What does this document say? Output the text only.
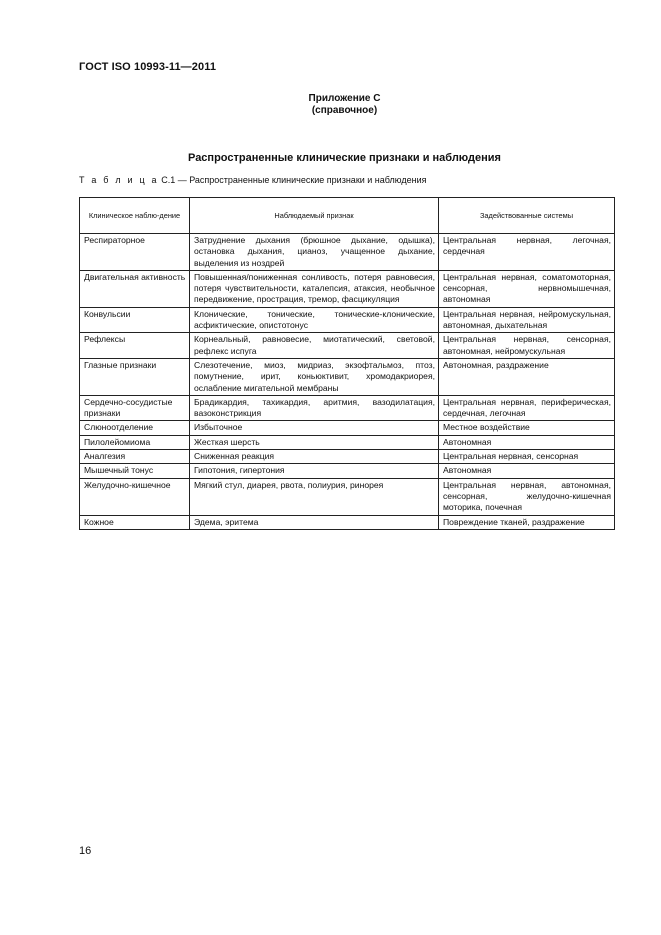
ГОСТ ISO 10993-11—2011
Приложение С
(справочное)
Распространенные клинические признаки и наблюдения
Т а б л и ц а С.1 — Распространенные клинические признаки и наблюдения
Клиническое наблю-дение	Наблюдаемый признак	Задействованные системы
Респираторное	Затруднение дыхания (брюшное дыхание, одышка), остановка дыхания, цианоз, учащенное дыхание, выделения из ноздрей	Центральная нервная, легочная, сердечная
Двигательная активность	Повышенная/пониженная сонливость, потеря равновесия, потеря чувствительности, каталепсия, атаксия, необычное передвижение, прострация, тремор, фасцикуляция	Центральная нервная, соматомоторная, сенсорная, нервномышечная, автономная
Конвульсии	Клонические, тонические, тонические-клонические, асфиктические, опистотонус	Центральная нервная, нейромускульная, автономная, дыхательная
Рефлексы	Корнеальный, равновесие, миотатический, световой, рефлекс испуга	Центральная нервная, сенсорная, автономная, нейромускульная
Глазные признаки	Слезотечение, миоз, мидриаз, экзофтальмоз, птоз, помутнение, ирит, коньюктивит, хромодакриорея, ослабление мигательной мембраны	Автономная, раздражение
Сердечно-сосудистые признаки	Брадикардия, тахикардия, аритмия, вазодилатация, вазоконстрикция	Центральная нервная, периферическая, сердечная, легочная
Слюноотделение	Избыточное	Местное воздействие
Пилолейомиома	Жесткая шерсть	Автономная
Аналгезия	Сниженная реакция	Центральная нервная, сенсорная
Мышечный тонус	Гипотония, гипертония	Автономная
Желудочно-кишечное	Мягкий стул, диарея, рвота, полиурия, ринорея	Центральная нервная, автономная, сенсорная, желудочно-кишечная моторика, почечная
Кожное	Эдема, эритема	Повреждение тканей, раздражение
16
